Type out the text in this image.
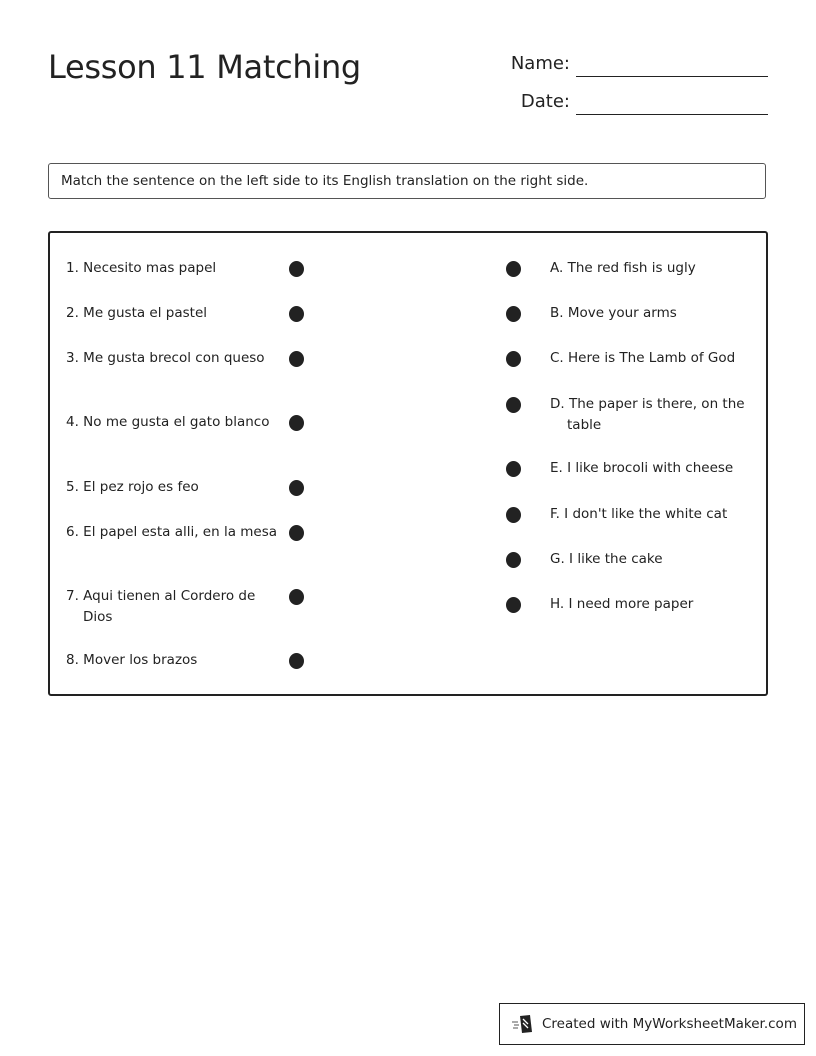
Lesson 11 Matching	Name:
Date:
Match the sentence on the left side to its English translation on the right side.
1. Necesito mas papel
2. Me gusta el pastel
3. Me gusta brecol con queso
4. No me gusta el gato blanco
5. El pez rojo es feo
6. El papel esta alli, en la mesa
7. Aqui tienen al Cordero de Dios
8. Mover los brazos
A. The red fish is ugly
B. Move your arms
C. Here is The Lamb of God
D. The paper is there, on the table
E. I like brocoli with cheese
F. I don't like the white cat
G. I like the cake
H. I need more paper
Created with MyWorksheetMaker.com
